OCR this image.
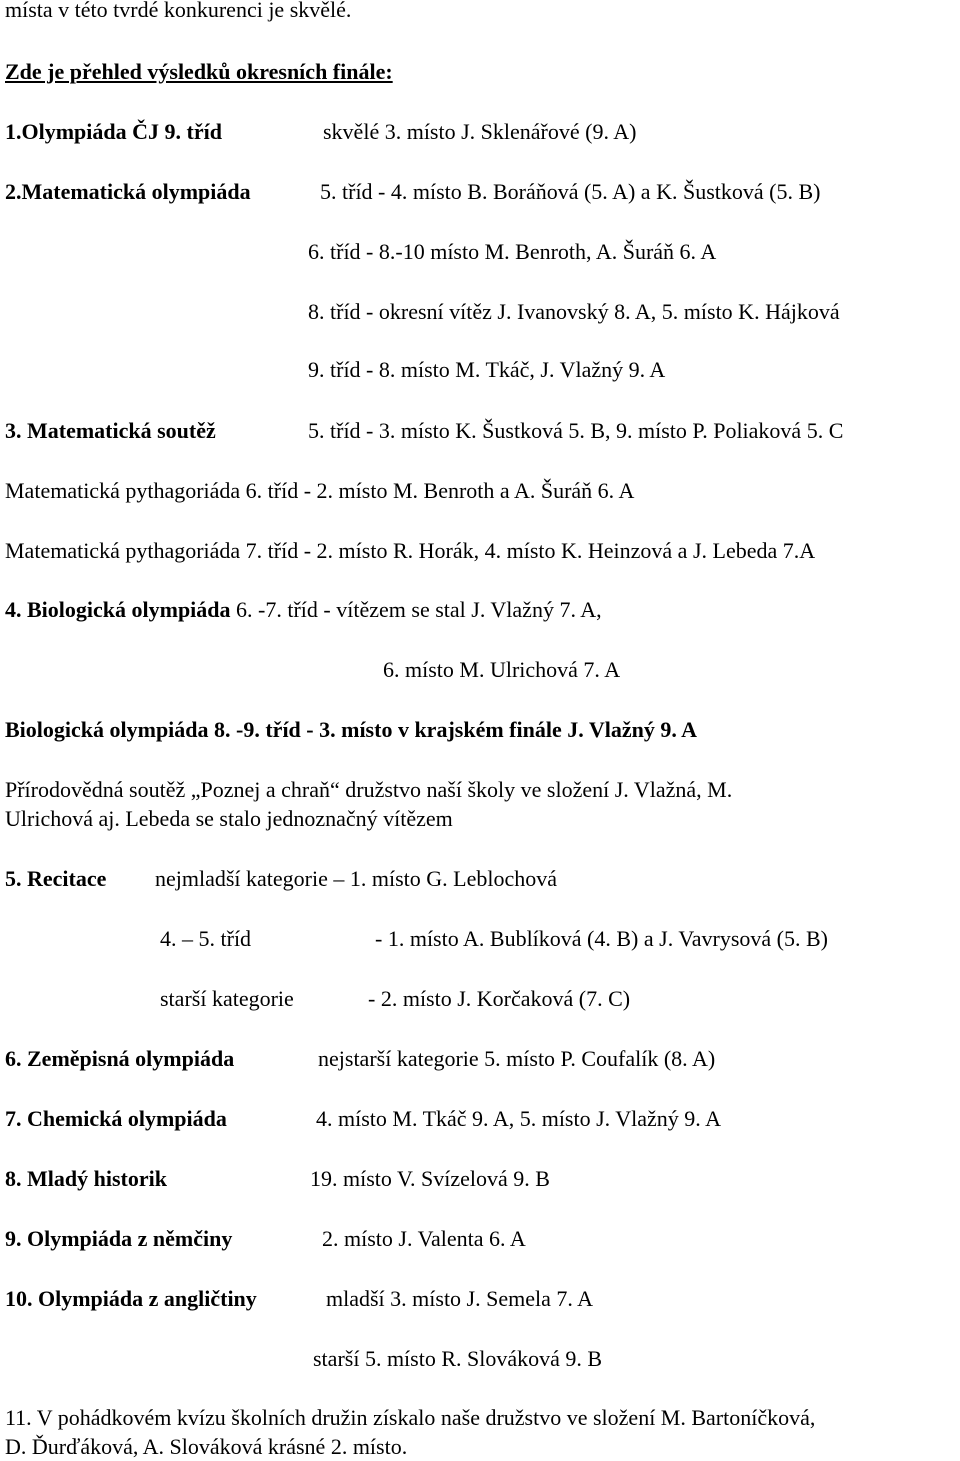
místa v této tvrdé konkurenci je skvělé.
Zde je přehled výsledků okresních finále:
1.Olympiáda ČJ 9. tříd	skvělé 3. místo J. Sklenářové (9. A)
2.Matematická olympiáda	5. tříd - 4. místo B. Boráňová (5. A) a K. Šustková (5. B)
6. tříd - 8.-10 místo M. Benroth, A. Šuráň 6. A
8. tříd - okresní vítěz J. Ivanovský 8. A, 5. místo K. Hájková
9. tříd - 8. místo M. Tkáč, J. Vlažný 9. A
3. Matematická soutěž	5. tříd - 3. místo K. Šustková 5. B, 9. místo P. Poliaková 5. C
Matematická pythagoriáda 6. tříd - 2. místo M. Benroth a A. Šuráň 6. A
Matematická pythagoriáda 7. tříd - 2. místo R. Horák, 4. místo K. Heinzová a J. Lebeda 7.A
4. Biologická olympiáda 6. -7. tříd - vítězem se stal J. Vlažný 7. A,
6. místo M. Ulrichová 7. A
Biologická olympiáda 8. -9. tříd - 3. místo v krajském finále J. Vlažný 9. A
Přírodovědná soutěž „Poznej a chraň“ družstvo naší školy ve složení J. Vlažná, M.
Ulrichová aj. Lebeda se stalo jednoznačný vítězem
5. Recitace nejmladší kategorie – 1. místo G. Leblochová
4. – 5. tříd	- 1. místo A. Bublíková (4. B) a J. Vavrysová (5. B)
starší kategorie	- 2. místo J. Korčaková (7. C)
6. Zeměpisná olympiáda	nejstarší kategorie 5. místo P. Coufalík (8. A)
7. Chemická olympiáda	4. místo M. Tkáč 9. A, 5. místo J. Vlažný 9. A
8. Mladý historik	19. místo V. Svízelová 9. B
9. Olympiáda z němčiny	2. místo J. Valenta 6. A
10. Olympiáda z angličtiny	mladší 3. místo J. Semela 7. A
starší 5. místo R. Slováková 9. B
11. V pohádkovém kvízu školních družin získalo naše družstvo ve složení M. Bartoníčková,
D. Ďurďáková, A. Slováková krásné 2. místo.
